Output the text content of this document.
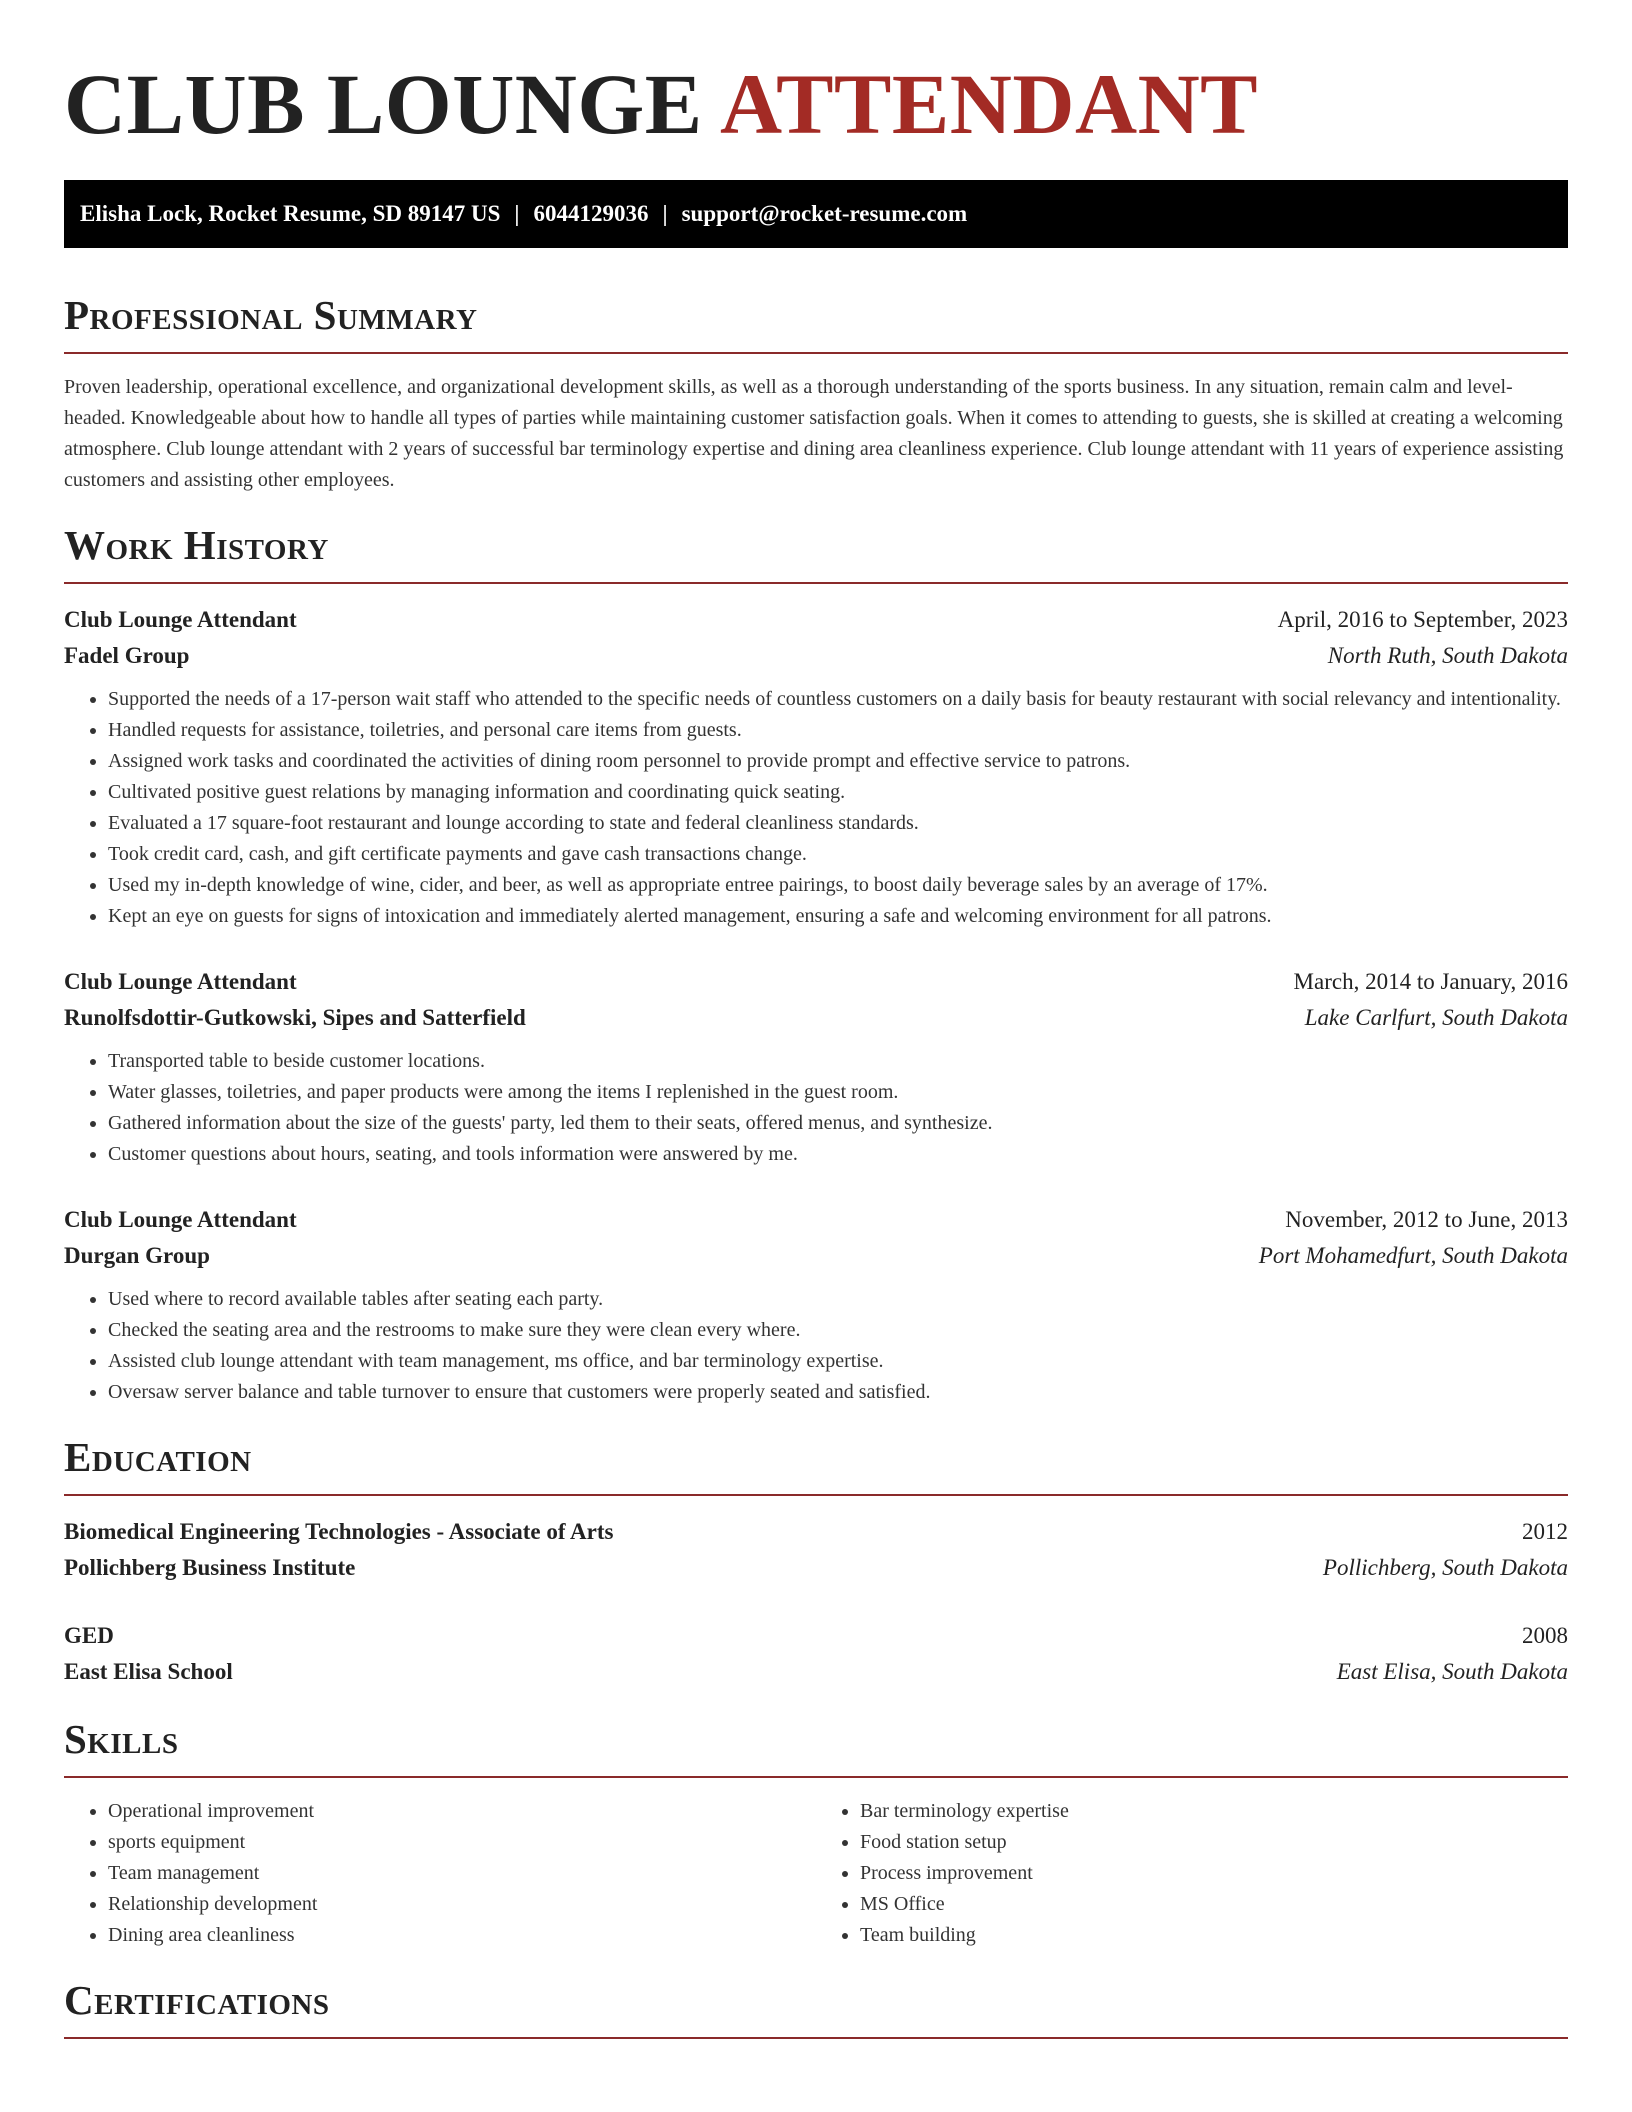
CLUB LOUNGE ATTENDANT
Elisha Lock, Rocket Resume, SD 89147 US | 6044129036 | support@rocket-resume.com
Professional Summary

Proven leadership, operational excellence, and organizational development skills, as well as a thorough understanding of the sports business. In any situation, remain calm and level-headed. Knowledgeable about how to handle all types of parties while maintaining customer satisfaction goals. When it comes to attending to guests, she is skilled at creating a welcoming atmosphere. Club lounge attendant with 2 years of successful bar terminology expertise and dining area cleanliness experience. Club lounge attendant with 11 years of experience assisting customers and assisting other employees.

Work History
Club Lounge Attendant	April, 2016 to September, 2023
Fadel Group	North Ruth, South Dakota
• Supported the needs of a 17-person wait staff who attended to the specific needs of countless customers on a daily basis for beauty restaurant with social relevancy and intentionality.
• Handled requests for assistance, toiletries, and personal care items from guests.
• Assigned work tasks and coordinated the activities of dining room personnel to provide prompt and effective service to patrons.
• Cultivated positive guest relations by managing information and coordinating quick seating.
• Evaluated a 17 square-foot restaurant and lounge according to state and federal cleanliness standards.
• Took credit card, cash, and gift certificate payments and gave cash transactions change.
• Used my in-depth knowledge of wine, cider, and beer, as well as appropriate entree pairings, to boost daily beverage sales by an average of 17%.
• Kept an eye on guests for signs of intoxication and immediately alerted management, ensuring a safe and welcoming environment for all patrons.
Club Lounge Attendant	March, 2014 to January, 2016
Runolfsdottir-Gutkowski, Sipes and Satterfield	Lake Carlfurt, South Dakota
• Transported table to beside customer locations.
• Water glasses, toiletries, and paper products were among the items I replenished in the guest room.
• Gathered information about the size of the guests' party, led them to their seats, offered menus, and synthesize.
• Customer questions about hours, seating, and tools information were answered by me.
Club Lounge Attendant	November, 2012 to June, 2013
Durgan Group	Port Mohamedfurt, South Dakota
• Used where to record available tables after seating each party.
• Checked the seating area and the restrooms to make sure they were clean every where.
• Assisted club lounge attendant with team management, ms office, and bar terminology expertise.
• Oversaw server balance and table turnover to ensure that customers were properly seated and satisfied.
Education
Biomedical Engineering Technologies - Associate of Arts	2012
Pollichberg Business Institute	Pollichberg, South Dakota
GED	2008
East Elisa School	East Elisa, South Dakota
Skills
• Operational improvement
• sports equipment
• Team management
• Relationship development
• Dining area cleanliness
• Bar terminology expertise
• Food station setup
• Process improvement
• MS Office
• Team building
Certifications
